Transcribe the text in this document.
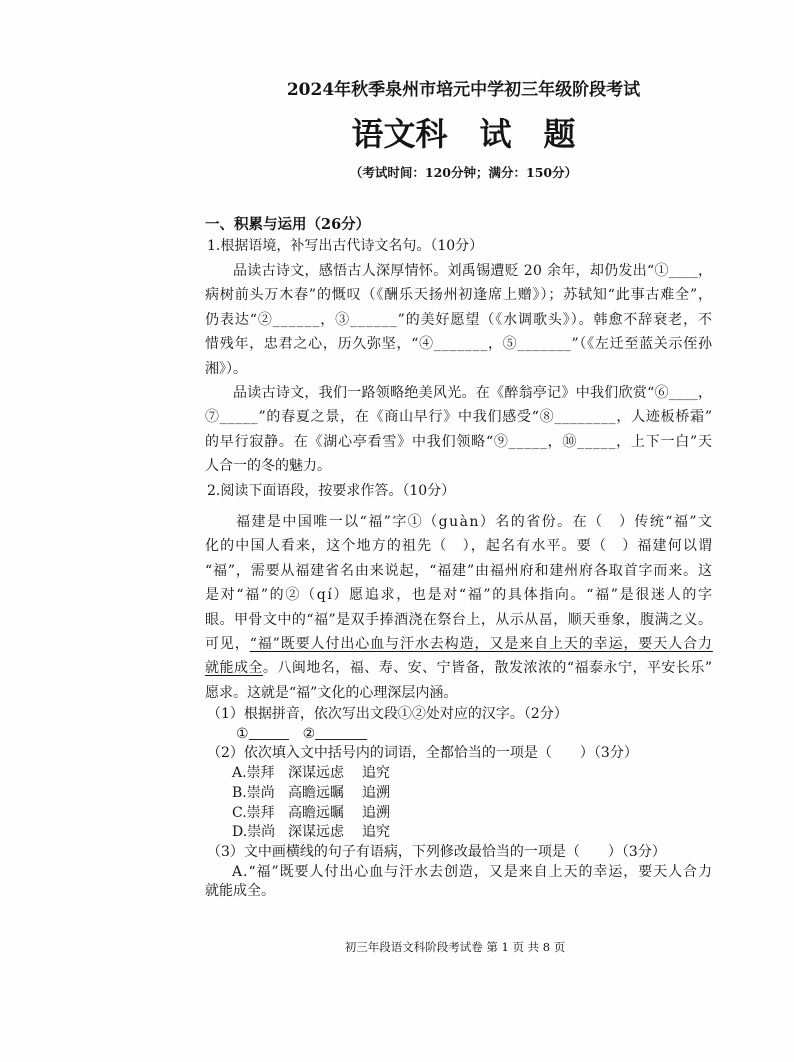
2024年秋季泉州市培元中学初三年级阶段考试
语文科　试　题
（考试时间：120分钟；满分：150分）
一、积累与运用（26分）
1.根据语境，补写出古代诗文名句。（10分）
品读古诗文，感悟古人深厚情怀。刘禹锡遭贬 20 余年，却仍发出“①____，
病树前头万木春”的慨叹（《酬乐天扬州初逢席上赠》）；苏轼知“此事古难全”，
仍表达“②______，③______”的美好愿望（《水调歌头》）。韩愈不辞衰老，不
惜残年，忠君之心，历久弥坚，“④_______，⑤_______”（《左迁至蓝关示侄孙
湘》）。
品读古诗文，我们一路领略绝美风光。在《醉翁亭记》中我们欣赏“⑥____，
⑦_____”的春夏之景，在《商山早行》中我们感受“⑧________，人迹板桥霜”
的早行寂静。在《湖心亭看雪》中我们领略“⑨_____，⑩_____，上下一白”天
人合一的冬的魅力。
2.阅读下面语段，按要求作答。（10分）
福建是中国唯一以“福”字①（guàn）名的省份。在（　）传统“福”文
化的中国人看来，这个地方的祖先（　），起名有水平。要（　）福建何以谓
“福”，需要从福建省名由来说起，“福建”由福州府和建州府各取首字而来。这
是对“福”的②（qí）愿追求，也是对“福”的具体指向。“福”是很迷人的字
眼。甲骨文中的“福”是双手捧酒浇在祭台上，从示从畐，顺天垂象，腹满之义。
可见，“福”既要人付出心血与汗水去构造，又是来自上天的幸运，要天人合力
就能成全。八闽地名，福、寿、安、宁皆备，散发浓浓的“福泰永宁，平安长乐”
愿求。这就是“福”文化的心理深层内涵。
（1）根据拼音，依次写出文段①②处对应的汉字。（2分）
①	②
（2）依次填入文中括号内的词语，全都恰当的一项是（　　）（3分）
A.崇拜 深谋远虑 追究
B.崇尚 高瞻远瞩 追溯
C.崇拜 高瞻远瞩 追溯
D.崇尚 深谋远虑 追究
（3）文中画横线的句子有语病，下列修改最恰当的一项是（　　）（3分）
A.“福”既要人付出心血与汗水去创造，又是来自上天的幸运，要天人合力
就能成全。
初三年段语文科阶段考试卷 第 1 页 共 8 页
